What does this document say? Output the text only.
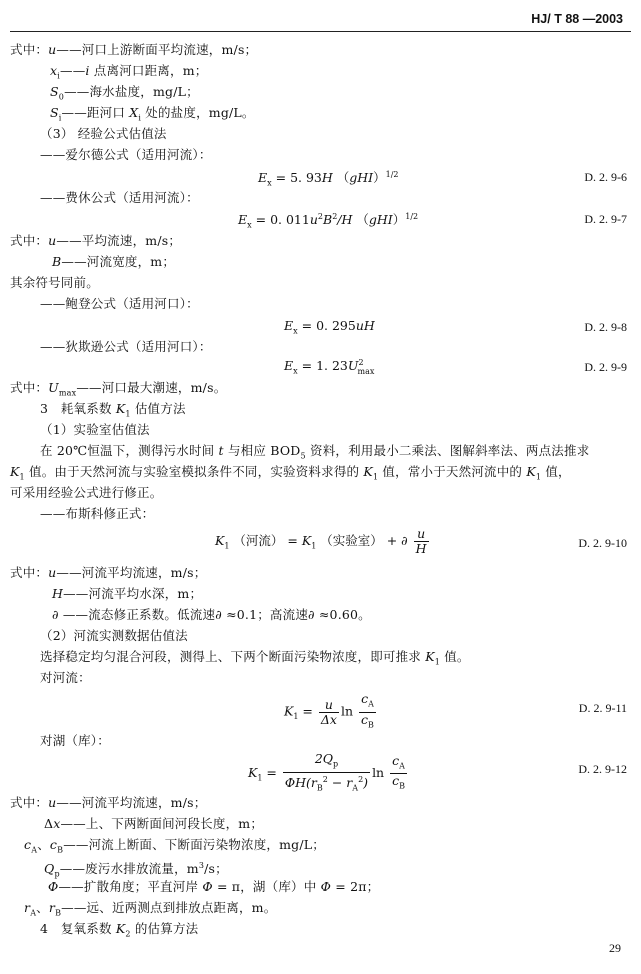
HJ/ T 88 —2003
式中：u——河口上游断面平均流速，m/s；
$x_i——i$ 点离河口距离，m；
$S_0——$海水盐度，mg/L；
$S_i——$距河口 $X_i$ 处的盐度，mg/L。
（3） 经验公式估值法
——爱尔德公式（适用河流）：
$E_x = 5$. 93H （gHI）$^{1/2}$	D. 2. 9-6
——费休公式（适用河流）：
$E_x = 0$. $011u^2B^2/H$ （gHI）$^{1/2}$	D. 2. 9-7
式中：u——平均流速，m/s；
B——河流宽度，m；
其余符号同前。
——鲍登公式（适用河口）：
$E_x = 0$. 295uH	D. 2. 9-8
——狄欺逊公式（适用河口）：
$E_x = 1$. $23U^2_{max}$	D. 2. 9-9
式中：$U_{max}——$河口最大潮速，m/s。
3　耗氧系数 $K_1$ 估值方法
（1）实验室估值法
在 20℃恒温下，测得污水时间 t 与相应 $BOD_5$ 资料，利用最小二乘法、图解斜率法、两点法推求
$K_1$ 值。由于天然河流与实验室模拟条件不同，实验资料求得的 $K_1$ 值，常小于天然河流中的 $K_1$ 值，
可采用经验公式进行修正。
——布斯科修正式：
$K_1$ （河流） = $K_1$ （实验室） + ∂ $\frac{u}{H}$	D. 2. 9-10
式中：u——河流平均流速，m/s；
H——河流平均水深，m；
∂ ——流态修正系数。低流速∂ ≈0.1；高流速∂ ≈0.60。
（2）河流实测数据估值法
选择稳定均匀混合河段，测得上、下两个断面污染物浓度，即可推求 $K_1$ 值。
对河流：
$K_1 = \frac{u}{\Delta x}$ $\ln \frac{c_A}{c_B}$	D. 2. 9-11
对湖（库）：
$K_1 = \frac{2Q_p}{\Phi H(r_B^2 - r_A^2)}$ $\ln \frac{c_A}{c_B}$	D. 2. 9-12
式中：u——河流平均流速，m/s；
Δx——上、下两断面间河段长度，m；
$c_A$、$c_B——$河流上断面、下断面污染物浓度，mg/L；
$Q_p——$废污水排放流量，$m^3/s$；
Φ——扩散角度；平直河岸 Φ = π，湖（库）中 Φ = 2π；
$r_A$、$r_B——$远、近两测点到排放点距离，m。
4　复氧系数 $K_2$ 的估算方法
29
